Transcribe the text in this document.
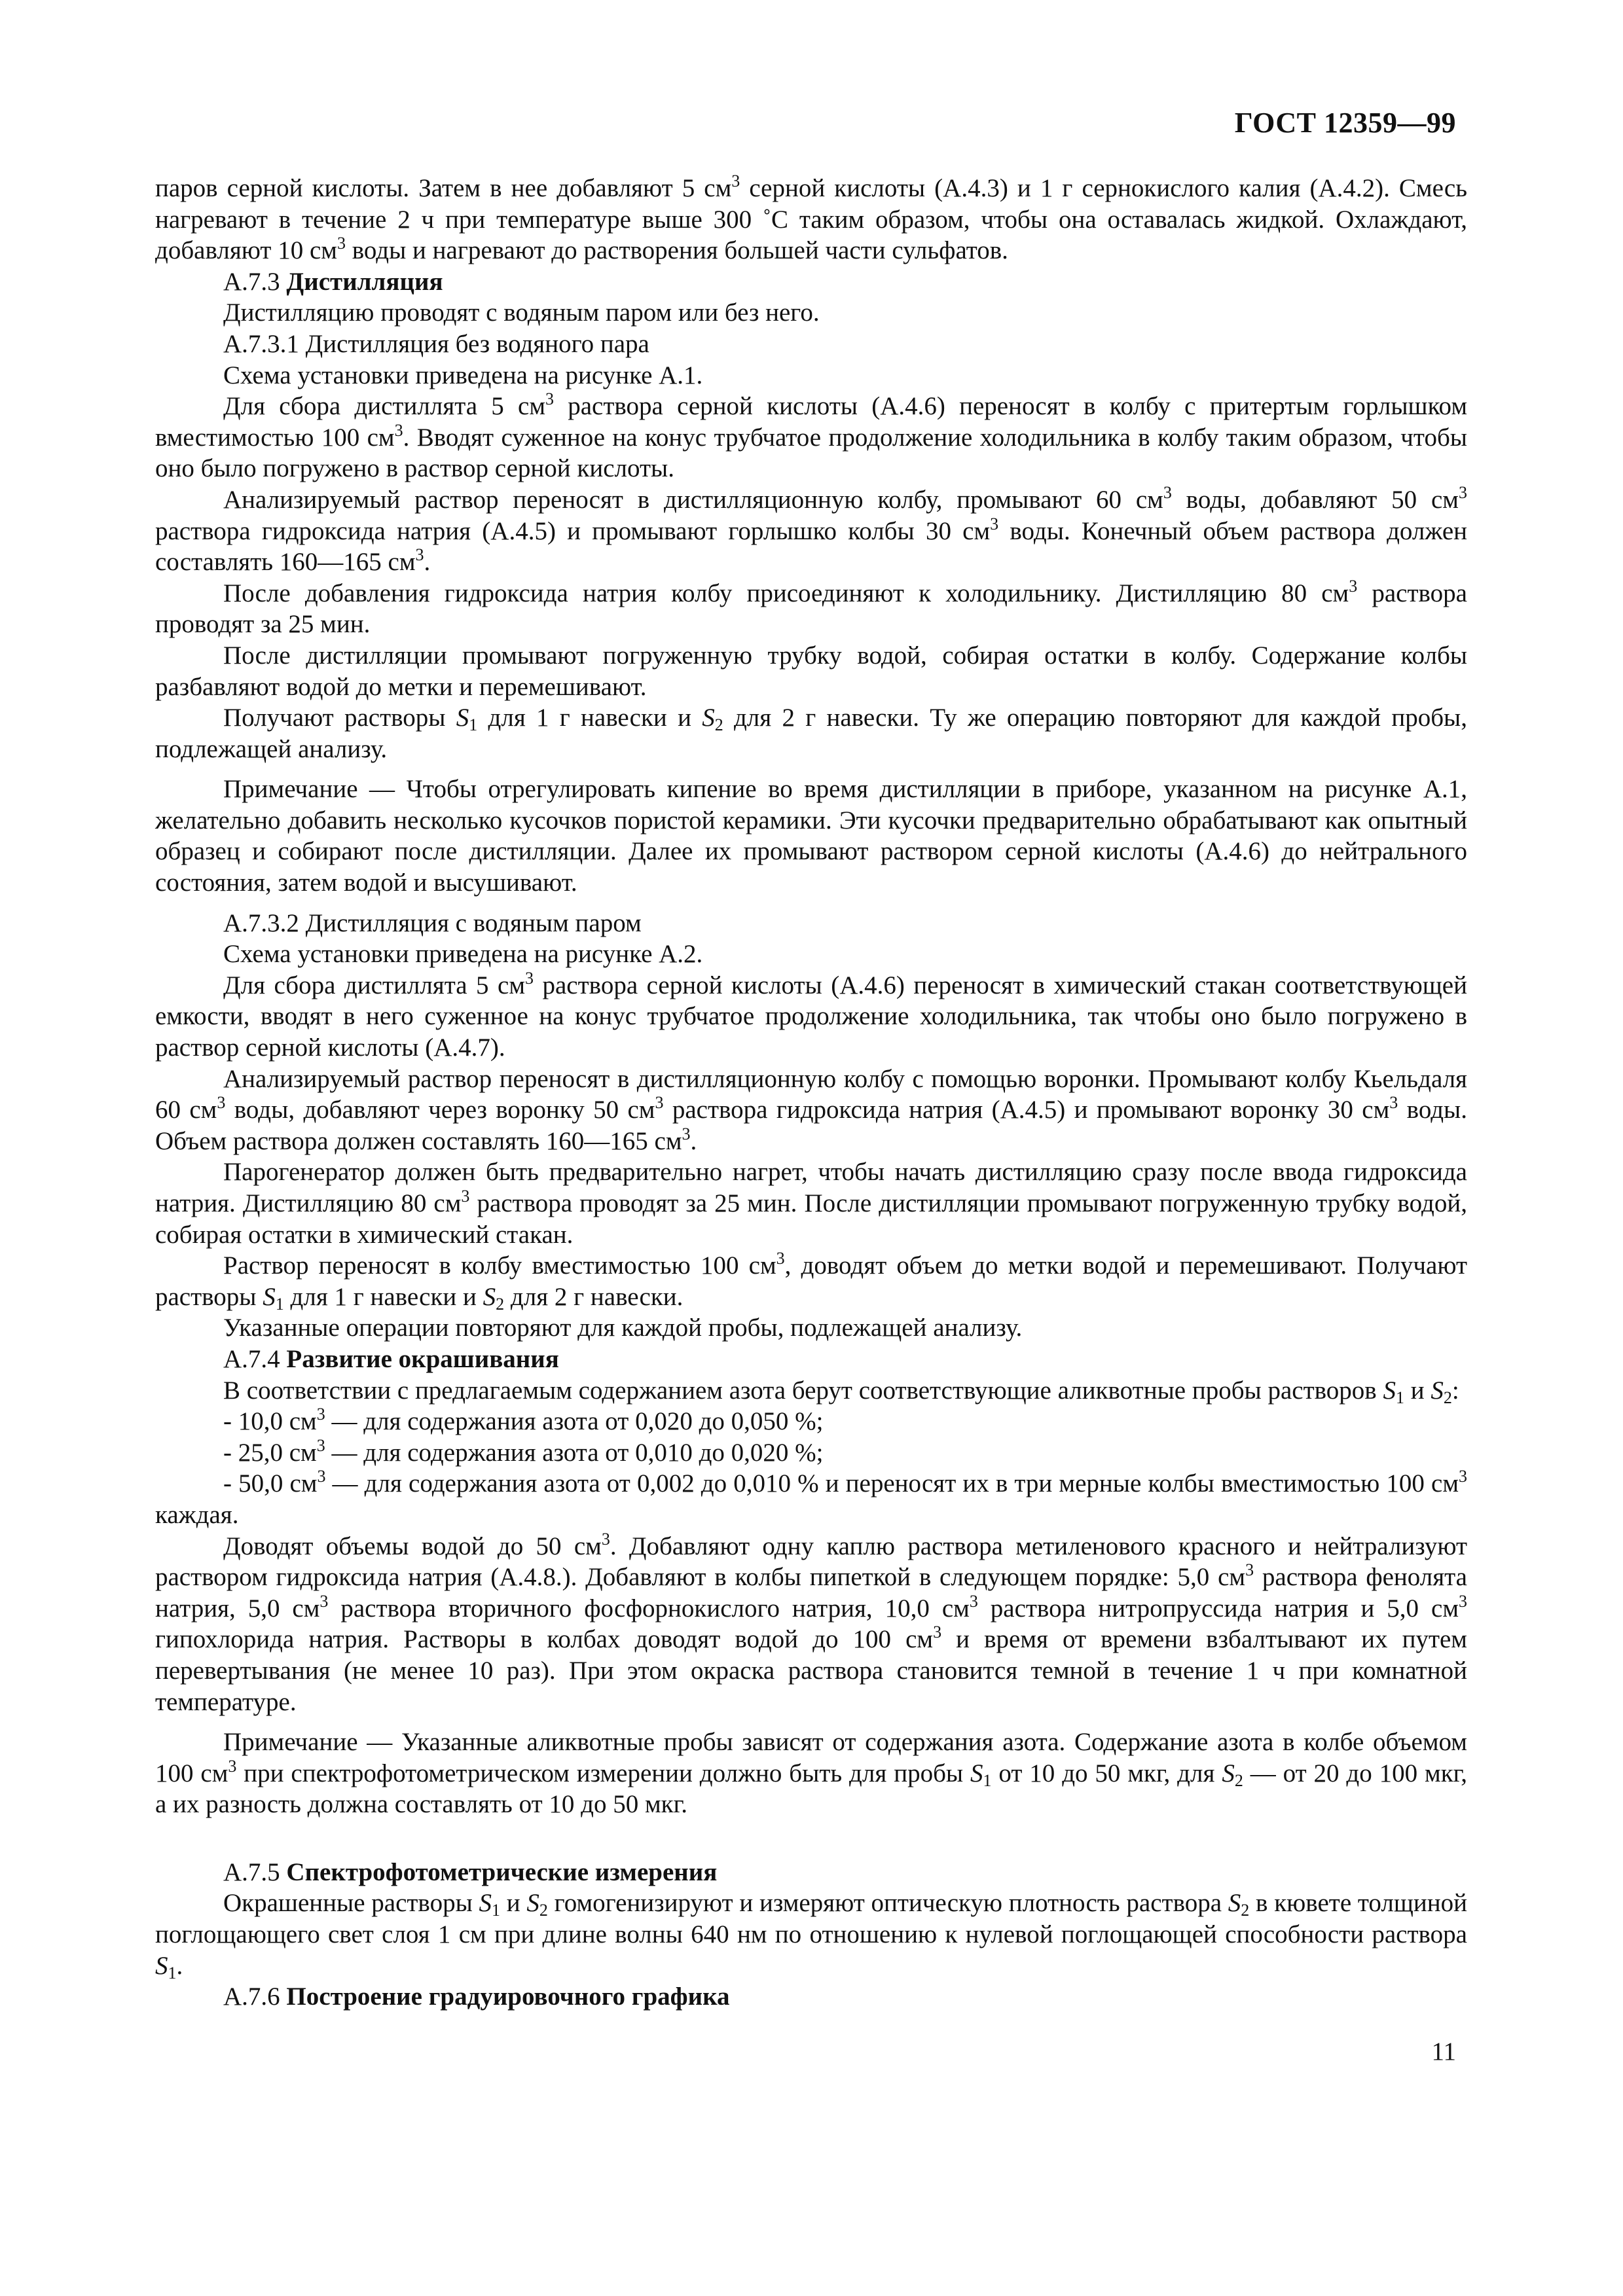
ГОСТ 12359—99

паров серной кислоты. Затем в нее добавляют 5 $см^3$ серной кислоты (А.4.3) и 1 г сернокислого калия (А.4.2). Смесь нагревают в течение 2 ч при температуре выше 300 ˚С таким образом, чтобы она оставалась жидкой. Охлаждают, добавляют 10 $см^3$ воды и нагревают до растворения большей части сульфатов.

А.7.3 Дистилляция

Дистилляцию проводят с водяным паром или без него.

А.7.3.1 Дистилляция без водяного пара

Схема установки приведена на рисунке А.1.

Для сбора дистиллята 5 $см^3$ раствора серной кислоты (А.4.6) переносят в колбу с притертым горлышком вместимостью 100 $см^3$. Вводят суженное на конус трубчатое продолжение холодильника в колбу таким образом, чтобы оно было погружено в раствор серной кислоты.

Анализируемый раствор переносят в дистилляционную колбу, промывают 60 $см^3$ воды, добавляют 50 $см^3$ раствора гидроксида натрия (А.4.5) и промывают горлышко колбы 30 $см^3$ воды. Конечный объем раствора должен составлять 160—165 $см^3$.

После добавления гидроксида натрия колбу присоединяют к холодильнику. Дистилляцию 80 $см^3$ раствора проводят за 25 мин.

После дистилляции промывают погруженную трубку водой, собирая остатки в колбу. Содержание колбы разбавляют водой до метки и перемешивают.

Получают растворы $S_1$ для 1 г навески и $S_2$ для 2 г навески. Ту же операцию повторяют для каждой пробы, подлежащей анализу.

Примечание — Чтобы отрегулировать кипение во время дистилляции в приборе, указанном на рисунке А.1, желательно добавить несколько кусочков пористой керамики. Эти кусочки предварительно обрабатывают как опытный образец и собирают после дистилляции. Далее их промывают раствором серной кислоты (А.4.6) до нейтрального состояния, затем водой и высушивают.

А.7.3.2 Дистилляция с водяным паром

Схема установки приведена на рисунке А.2.

Для сбора дистиллята 5 $см^3$ раствора серной кислоты (А.4.6) переносят в химический стакан соответствующей емкости, вводят в него суженное на конус трубчатое продолжение холодильника, так чтобы оно было погружено в раствор серной кислоты (А.4.7).

Анализируемый раствор переносят в дистилляционную колбу с помощью воронки. Промывают колбу Кьельдаля 60 $см^3$ воды, добавляют через воронку 50 $см^3$ раствора гидроксида натрия (А.4.5) и промывают воронку 30 $см^3$ воды. Объем раствора должен составлять 160—165 $см^3$.

Парогенератор должен быть предварительно нагрет, чтобы начать дистилляцию сразу после ввода гидроксида натрия. Дистилляцию 80 $см^3$ раствора проводят за 25 мин. После дистилляции промывают погруженную трубку водой, собирая остатки в химический стакан.

Раствор переносят в колбу вместимостью 100 $см^3$, доводят объем до метки водой и перемешивают. Получают растворы $S_1$ для 1 г навески и $S_2$ для 2 г навески.

Указанные операции повторяют для каждой пробы, подлежащей анализу.

А.7.4 Развитие окрашивания

В соответствии с предлагаемым содержанием азота берут соответствующие аликвотные пробы растворов $S_1$ и $S_2$:

- 10,0 $см^3$ — для содержания азота от 0,020 до 0,050 %;

- 25,0 $см^3$ — для содержания азота от 0,010 до 0,020 %;

- 50,0 $см^3$ — для содержания азота от 0,002 до 0,010 % и переносят их в три мерные колбы вместимостью 100 $см^3$ каждая.

Доводят объемы водой до 50 $см^3$. Добавляют одну каплю раствора метиленового красного и нейтрализуют раствором гидроксида натрия (А.4.8.). Добавляют в колбы пипеткой в следующем порядке: 5,0 $см^3$ раствора фенолята натрия, 5,0 $см^3$ раствора вторичного фосфорнокислого натрия, 10,0 $см^3$ раствора нитропруссида натрия и 5,0 $см^3$ гипохлорида натрия. Растворы в колбах доводят водой до 100 $см^3$ и время от времени взбалтывают их путем перевертывания (не менее 10 раз). При этом окраска раствора становится темной в течение 1 ч при комнатной температуре.

Примечание — Указанные аликвотные пробы зависят от содержания азота. Содержание азота в колбе объемом 100 $см^3$ при спектрофотометрическом измерении должно быть для пробы $S_1$ от 10 до 50 мкг, для $S_2$ — от 20 до 100 мкг, а их разность должна составлять от 10 до 50 мкг.

А.7.5 Спектрофотометрические измерения

Окрашенные растворы $S_1$ и $S_2$ гомогенизируют и измеряют оптическую плотность раствора $S_2$ в кювете толщиной поглощающего свет слоя 1 см при длине волны 640 нм по отношению к нулевой поглощающей способности раствора $S_1$.

А.7.6 Построение градуировочного графика

11
